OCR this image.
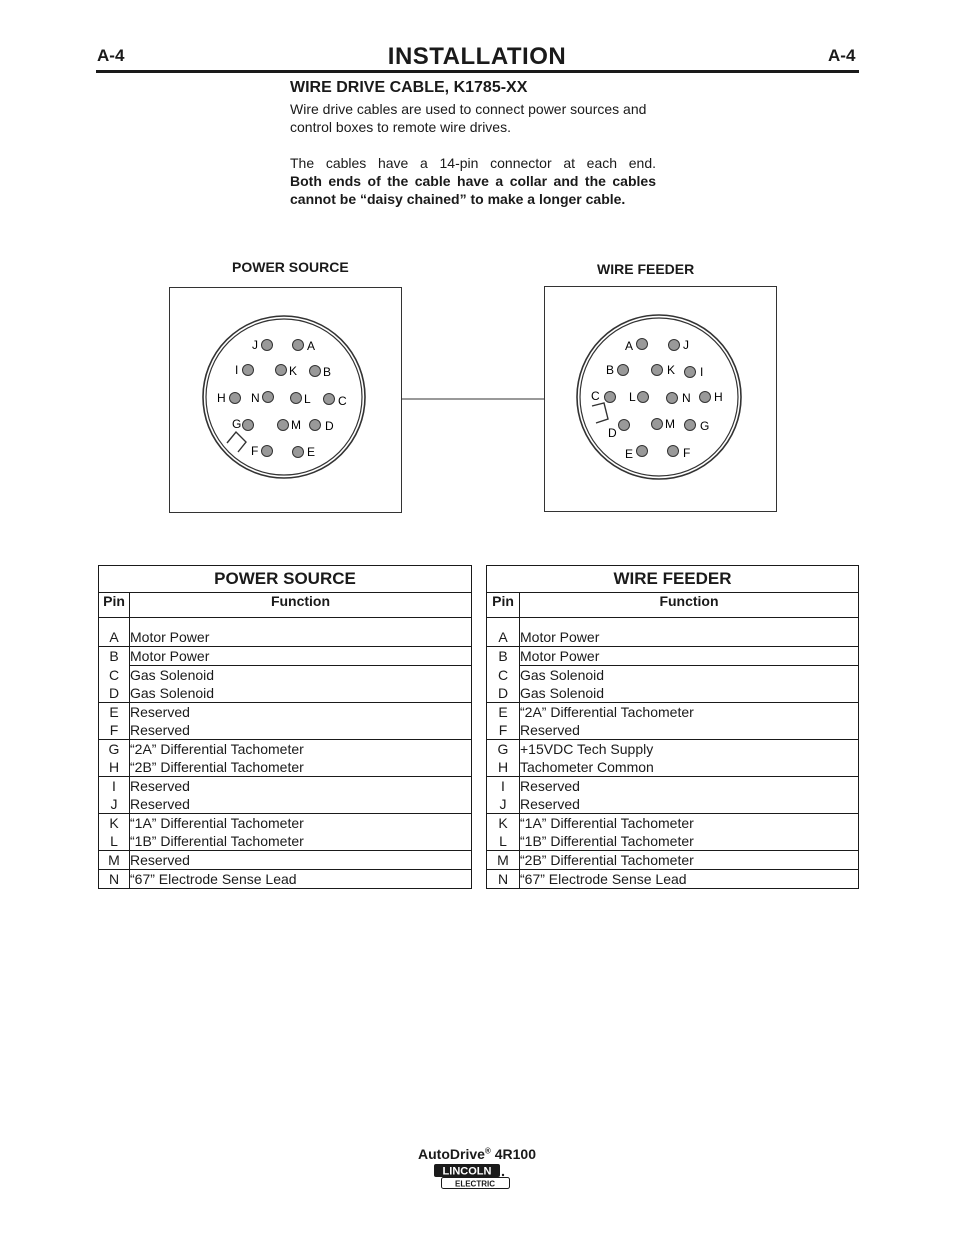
A-4	INSTALLATION	A-4
WIRE DRIVE CABLE, K1785-XX
Wire drive cables are used to connect power sources and control boxes to remote wire drives.
The cables have a 14-pin connector at each end.
Both ends of the cable have a collar and the cables cannot be “daisy chained” to make a longer cable.
POWER SOURCE	WIRE FEEDER
J	A
I	K B
H N	L C
G	M D
F	E
A	J
B	K I
C L	N H
D
M G
E	F
POWER SOURCE	
Pin	Function

A	Motor Power
B	Motor Power
C	Gas Solenoid
D	Gas Solenoid
E	Reserved
F	Reserved
G	“2A” Differential Tachometer
H	“2B” Differential Tachometer
I	Reserved
J	Reserved
K	“1A” Differential Tachometer
L	“1B” Differential Tachometer
M	Reserved
N	“67” Electrode Sense Lead
WIRE FEEDER	
Pin	Function

A	Motor Power
B	Motor Power
C	Gas Solenoid
D	Gas Solenoid
E	“2A” Differential Tachometer
F	Reserved
G	+15VDC Tech Supply
H	Tachometer Common
I	Reserved
J	Reserved
K	“1A” Differential Tachometer
L	“1B” Differential Tachometer
M	“2B” Differential Tachometer
N	“67” Electrode Sense Lead
AutoDrive® 4R100
LINCOLN
ELECTRIC
